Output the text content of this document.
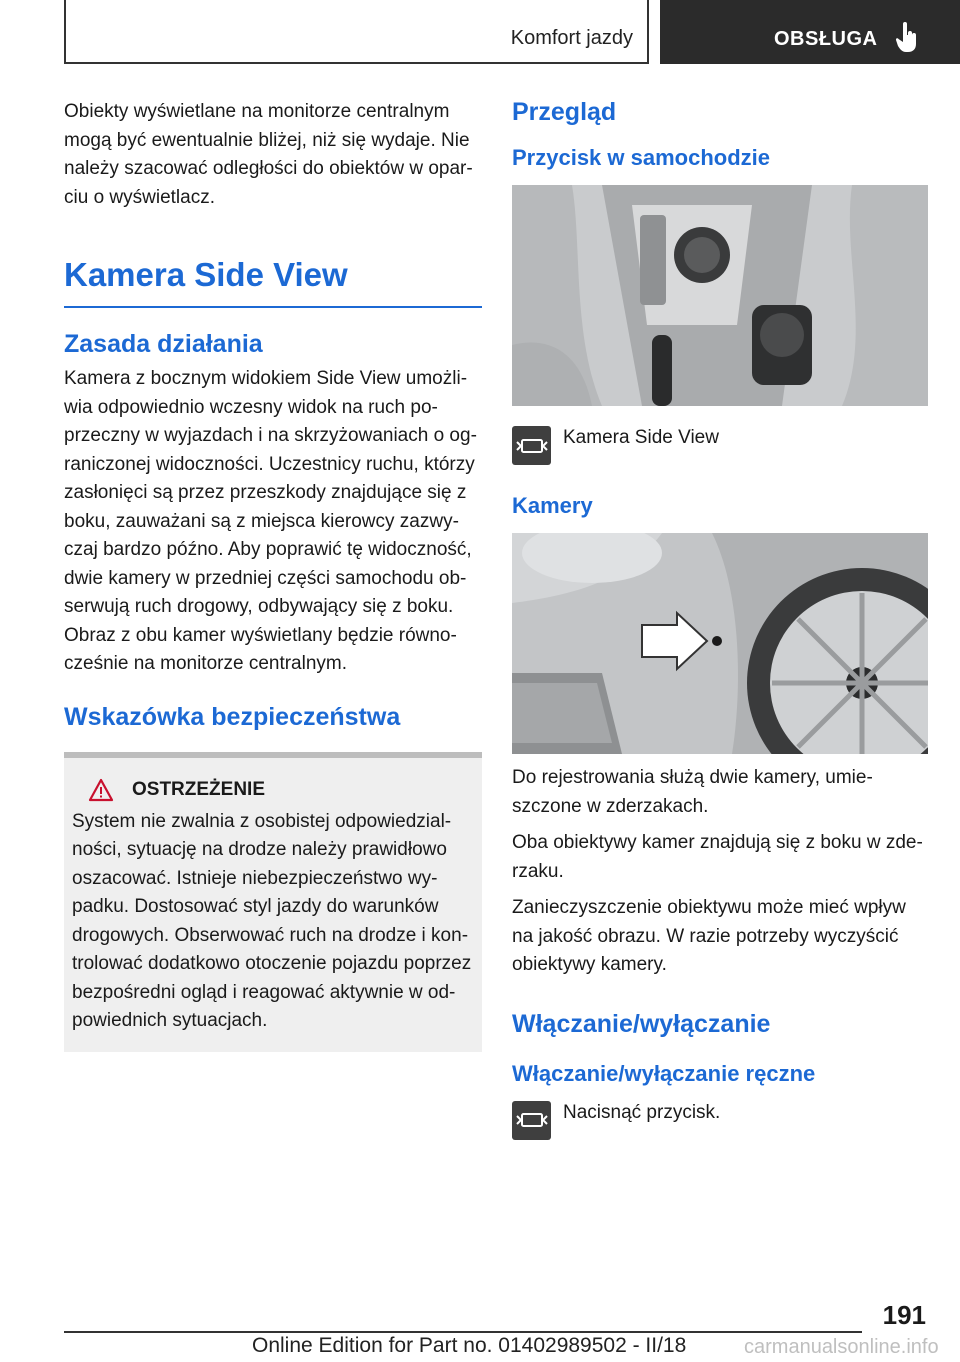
Komfort jazdy	OBSŁUGA

Obiekty wyświetlane na monitorze centralnym mogą być ewentualnie bliżej, niż się wydaje. Nie należy szacować odległości do obiektów w opar-ciu o wyświetlacz.

Kamera Side View
Zasada działania

Kamera z bocznym widokiem Side View umożli-wia odpowiednio wczesny widok na ruch po-przeczny w wyjazdach i na skrzyżowaniach o og-raniczonej widoczności. Uczestnicy ruchu, którzy zasłonięci są przez przeszkody znajdujące się z boku, zauważani są z miejsca kierowcy zazwy-czaj bardzo późno. Aby poprawić tę widoczność, dwie kamery w przedniej części samochodu ob-serwują ruch drogowy, odbywający się z boku. Obraz z obu kamer wyświetlany będzie równo-cześnie na monitorze centralnym.

Wskazówka bezpieczeństwa
OSTRZEŻENIE

System nie zwalnia z osobistej odpowiedzial-ności, sytuację na drodze należy prawidłowo oszacować. Istnieje niebezpieczeństwo wy-padku. Dostosować styl jazdy do warunków drogowych. Obserwować ruch na drodze i kon-trolować dodatkowo otoczenie pojazdu poprzez bezpośredni ogląd i reagować aktywnie w od-powiednich sytuacjach.

Przegląd
Przycisk w samochodzie
Kamera Side View
Kamery

Do rejestrowania służą dwie kamery, umie-szczone w zderzakach.

Oba obiektywy kamer znajdują się z boku w zde-rzaku.

Zanieczyszczenie obiektywu może mieć wpływ na jakość obrazu. W razie potrzeby wyczyścić obiektywy kamery.

Włączanie/wyłączanie
Włączanie/wyłączanie ręczne
Nacisnąć przycisk.
191
Online Edition for Part no. 01402989502 - II/18	carmanualsonline.info
